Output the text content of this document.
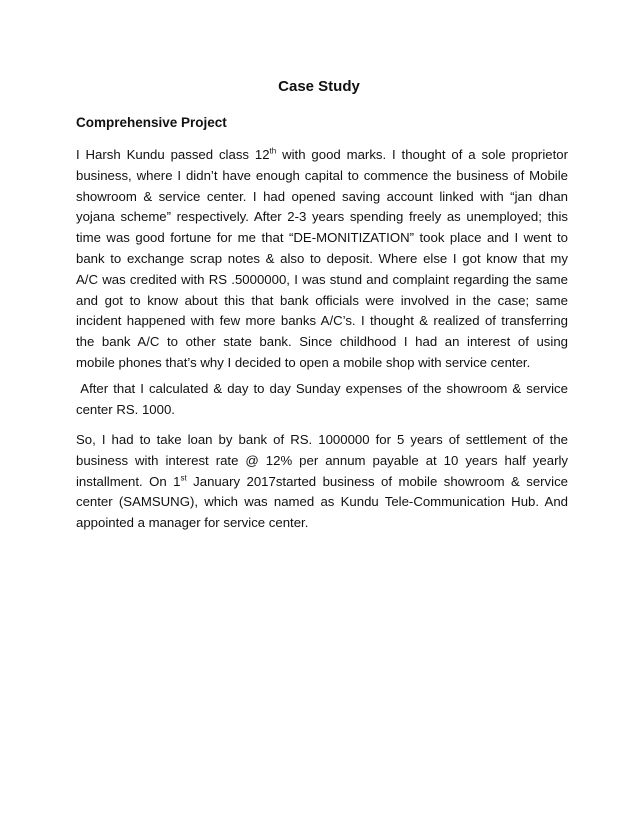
Case Study
Comprehensive Project
I Harsh Kundu passed class 12th with good marks. I thought of a sole proprietor
business, where I didn’t have enough capital to commence the business of Mobile
showroom & service center. I had opened saving account linked with “jan dhan
yojana scheme” respectively. After 2-3 years spending freely as unemployed; this
time was good fortune for me that “DE-MONITIZATION” took place and I went to
bank to exchange scrap notes & also to deposit. Where else I got know that my
A/C was credited with RS .5000000, I was stund and complaint regarding the same
and got to know about this that bank officials were involved in the case; same
incident happened with few more banks A/C’s. I thought & realized of transferring
the bank A/C to other state bank. Since childhood I had an interest of using
mobile phones that’s why I decided to open a mobile shop with service center.
After that I calculated & day to day Sunday expenses of the showroom & service
center RS. 1000.
So, I had to take loan by bank of RS. 1000000 for 5 years of settlement of the
business with interest rate @ 12% per annum payable at 10 years half yearly
installment. On 1st January 2017started business of mobile showroom & service
center (SAMSUNG), which was named as Kundu Tele-Communication Hub. And
appointed a manager for service center.
